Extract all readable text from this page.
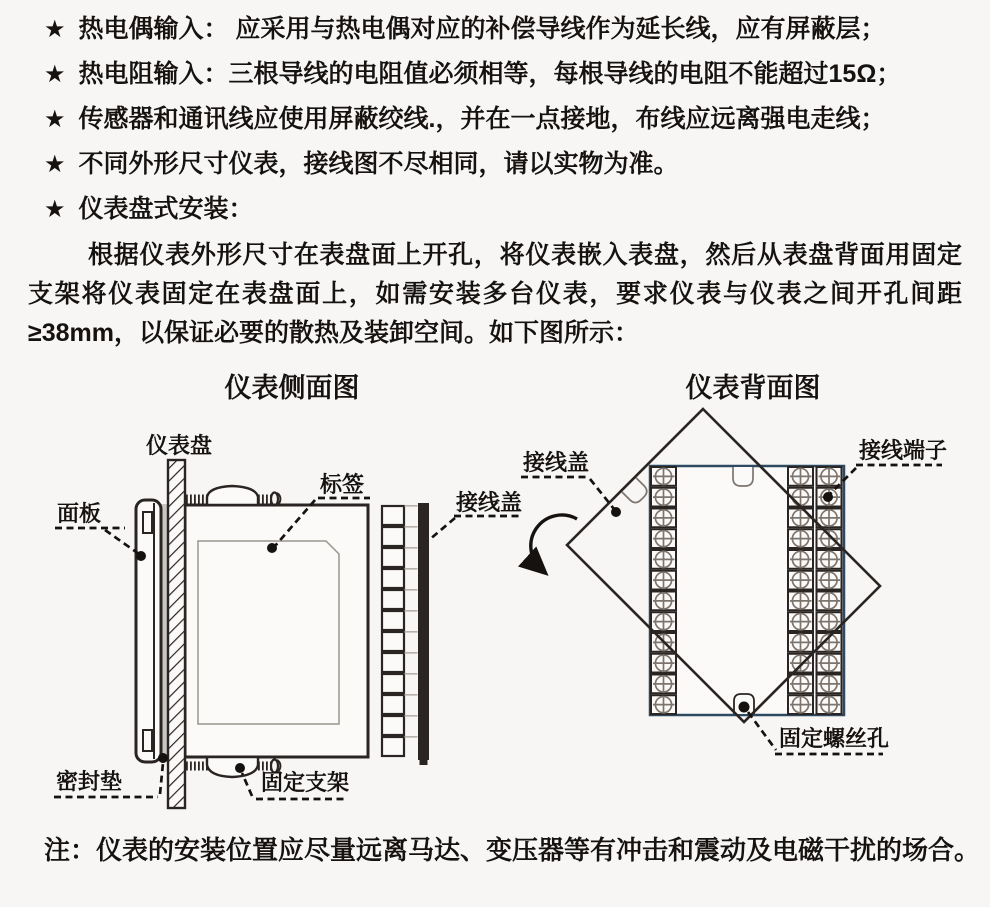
★ 热电偶输入： 应采用与热电偶对应的补偿导线作为延长线，应有屏蔽层；
★ 热电阻输入：三根导线的电阻值必须相等，每根导线的电阻不能超过15Ω；
★ 传感器和通讯线应使用屏蔽绞线.，并在一点接地，布线应远离强电走线；
★ 不同外形尺寸仪表，接线图不尽相同，请以实物为准。
★ 仪表盘式安装：

根据仪表外形尺寸在表盘面上开孔，将仪表嵌入表盘，然后从表盘背面用固定支架将仪表固定在表盘面上，如需安装多台仪表，要求仪表与仪表之间开孔间距≥38mm，以保证必要的散热及装卸空间。如下图所示：

仪表侧面图
仪表盘
面板
标签
接线盖
密封垫	固定支架
仪表背面图
接线盖	接线端子
固定螺丝孔

注：仪表的安装位置应尽量远离马达、变压器等有冲击和震动及电磁干扰的场合。
